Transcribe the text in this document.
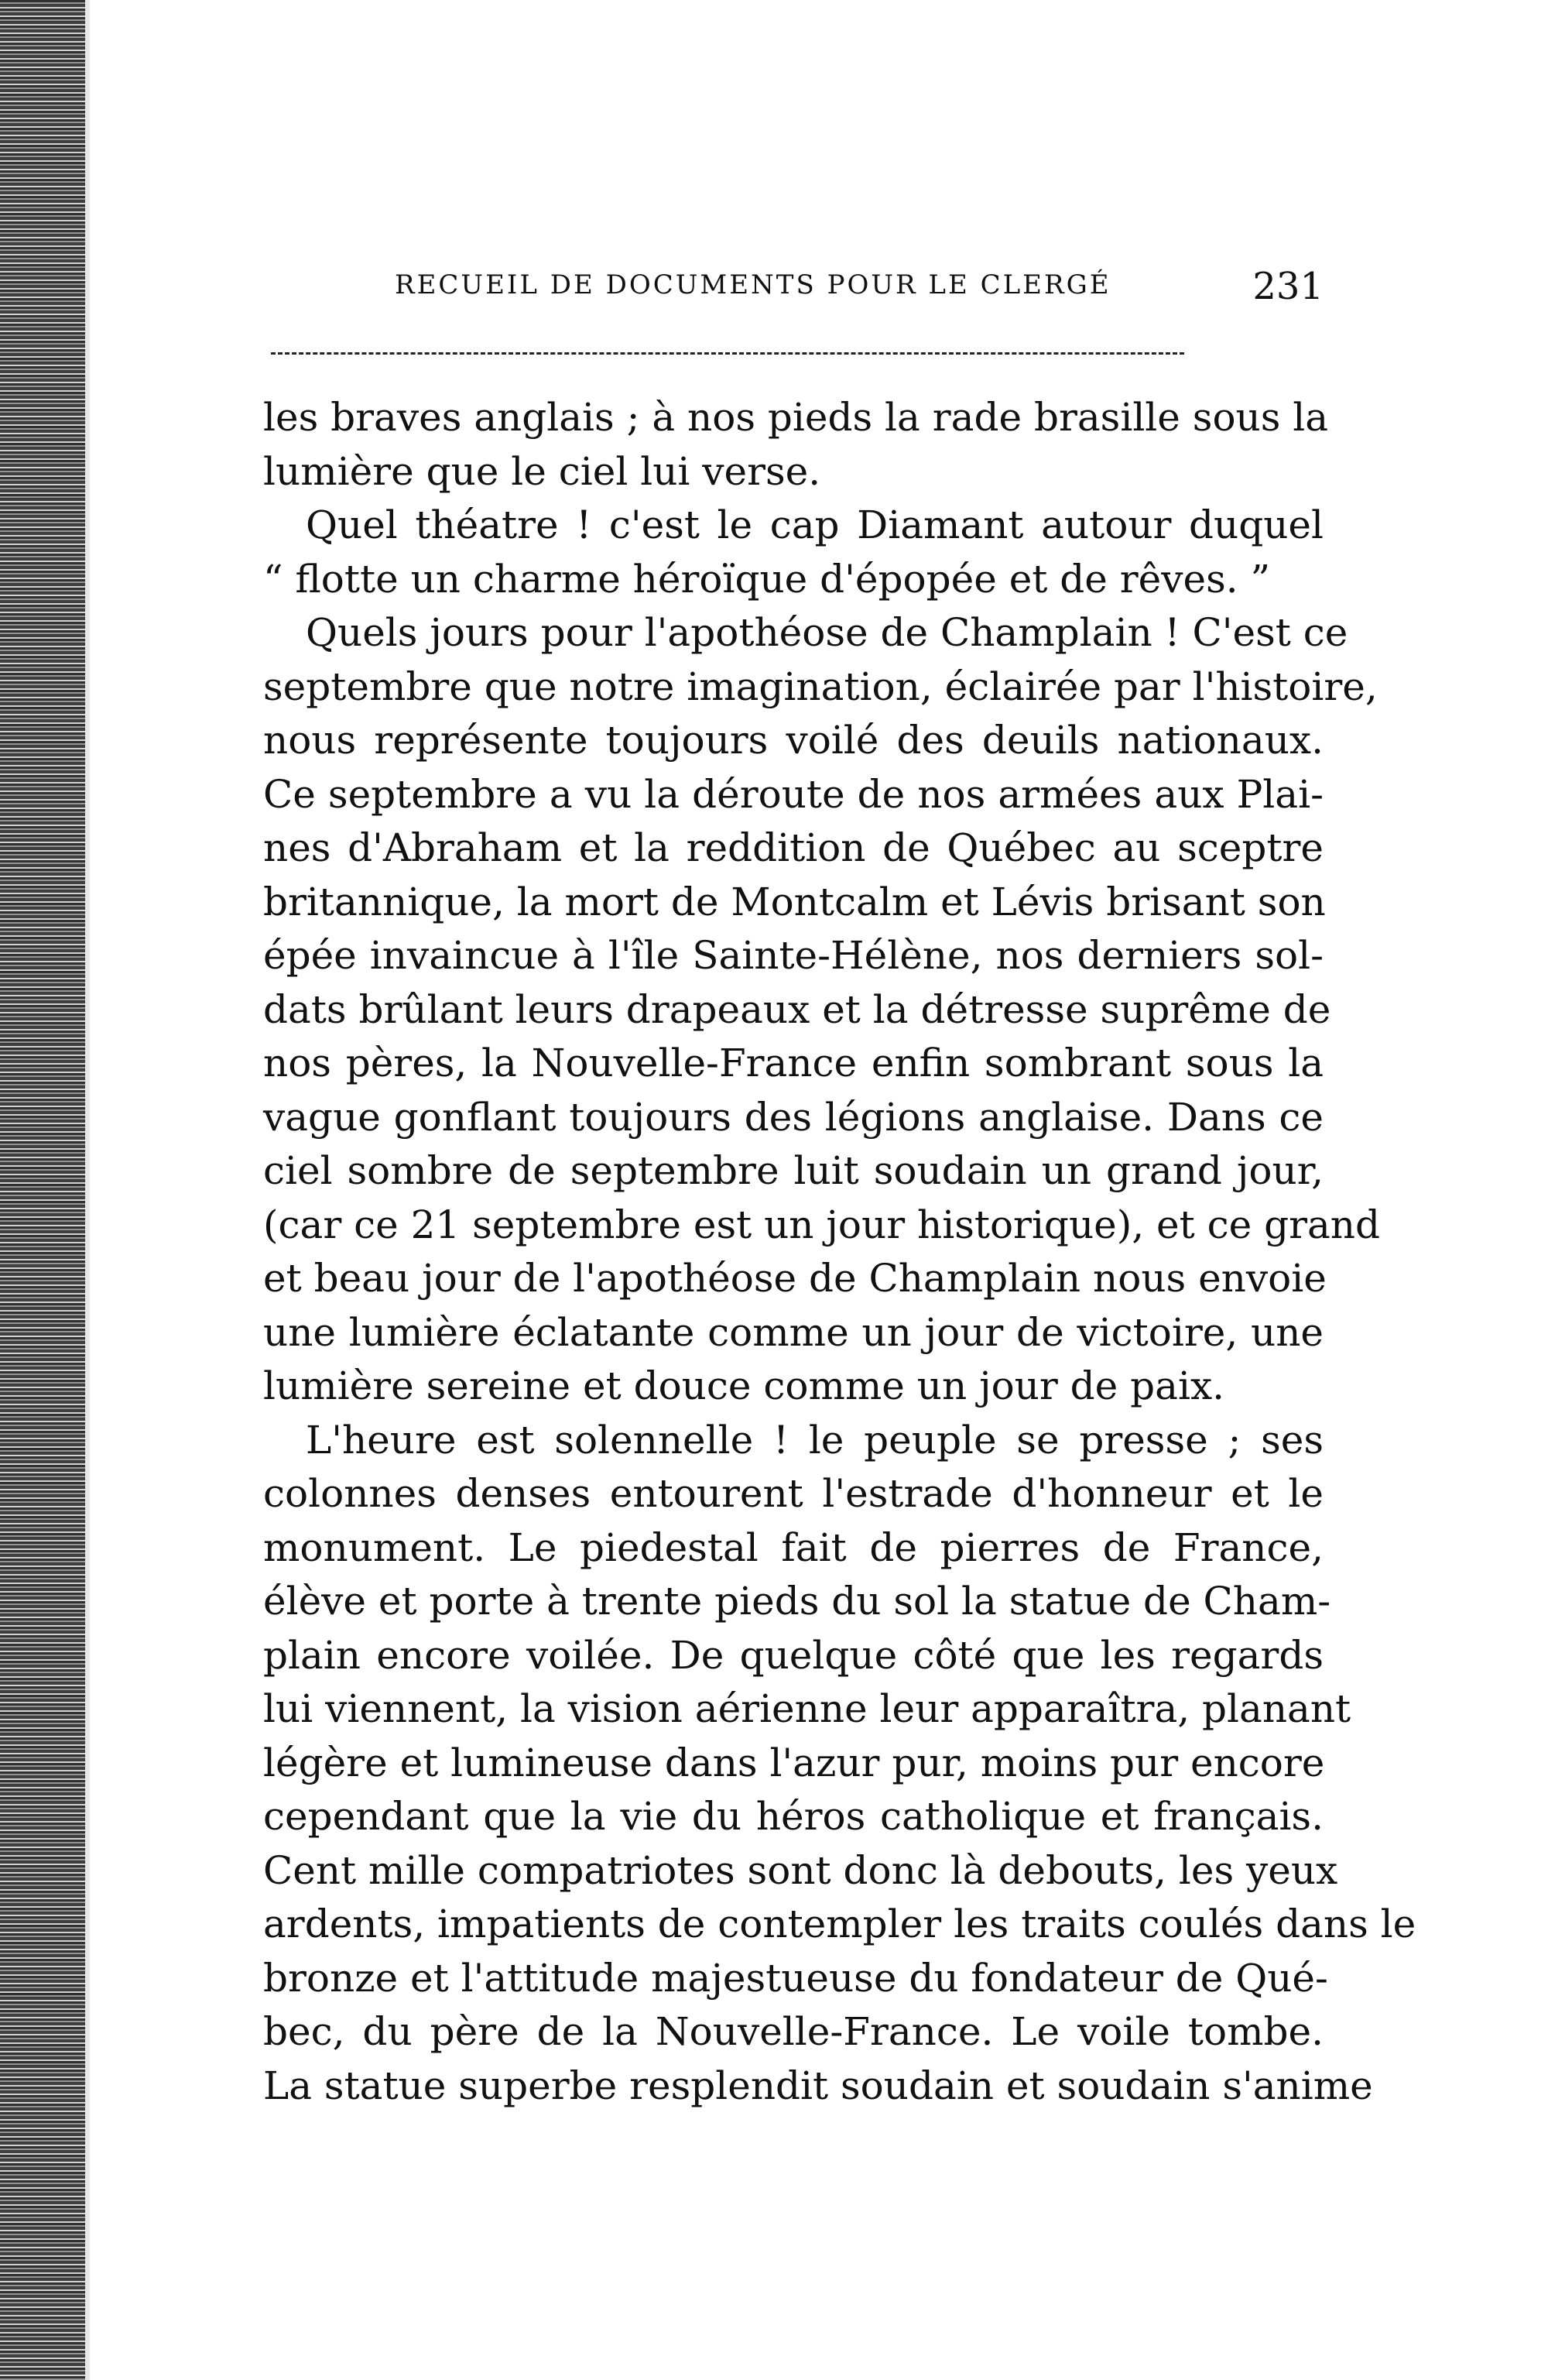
RECUEIL DE DOCUMENTS POUR LE CLERGÉ	231
les braves anglais ; à nos pieds la rade brasille sous la
lumière que le ciel lui verse.
Quel théatre ! c'est le cap Diamant autour duquel
“ flotte un charme héroïque d'épopée et de rêves. ”
Quels jours pour l'apothéose de Champlain ! C'est ce
septembre que notre imagination, éclairée par l'histoire,
nous représente toujours voilé des deuils nationaux.
Ce septembre a vu la déroute de nos armées aux Plai-
nes d'Abraham et la reddition de Québec au sceptre
britannique, la mort de Montcalm et Lévis brisant son
épée invaincue à l'île Sainte-Hélène, nos derniers sol-
dats brûlant leurs drapeaux et la détresse suprême de
nos pères, la Nouvelle-France enfin sombrant sous la
vague gonflant toujours des légions anglaise. Dans ce
ciel sombre de septembre luit soudain un grand jour,
(car ce 21 septembre est un jour historique), et ce grand
et beau jour de l'apothéose de Champlain nous envoie
une lumière éclatante comme un jour de victoire, une
lumière sereine et douce comme un jour de paix.
L'heure est solennelle ! le peuple se presse ; ses
colonnes denses entourent l'estrade d'honneur et le
monument. Le piedestal fait de pierres de France,
élève et porte à trente pieds du sol la statue de Cham-
plain encore voilée. De quelque côté que les regards
lui viennent, la vision aérienne leur apparaîtra, planant
légère et lumineuse dans l'azur pur, moins pur encore
cependant que la vie du héros catholique et français.
Cent mille compatriotes sont donc là debouts, les yeux
ardents, impatients de contempler les traits coulés dans le
bronze et l'attitude majestueuse du fondateur de Qué-
bec, du père de la Nouvelle-France. Le voile tombe.
La statue superbe resplendit soudain et soudain s'anime
